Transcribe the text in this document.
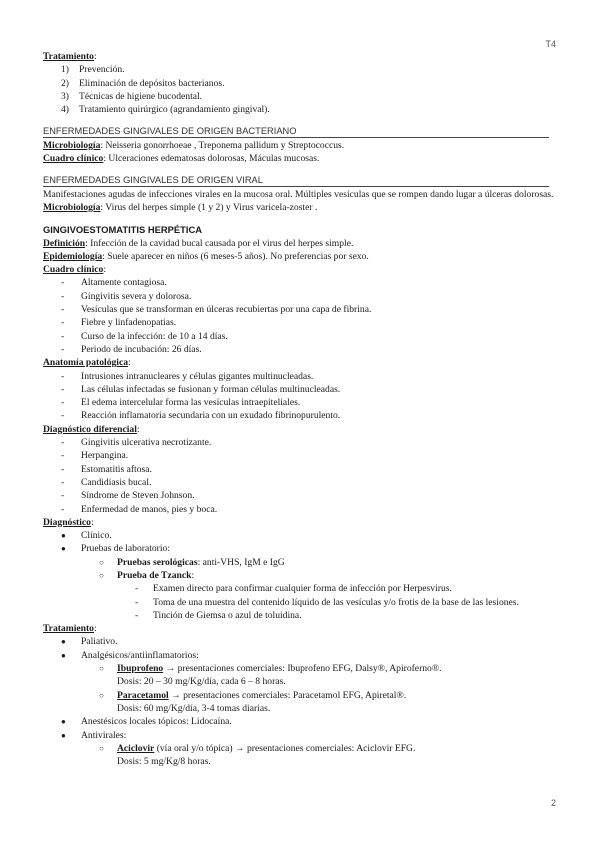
T4
Tratamiento:
1) Prevención.
2) Eliminación de depósitos bacterianos.
3) Técnicas de higiene bucodental.
4) Tratamiento quirúrgico (agrandamiento gingival).
ENFERMEDADES GINGIVALES DE ORIGEN BACTERIANO
Microbiología: Neisseria gonorrhoeae , Treponema pallidum y Streptococcus.
Cuadro clínico: Ulceraciones edematosas dolorosas, Máculas mucosas.
ENFERMEDADES GINGIVALES DE ORIGEN VIRAL
Manifestaciones agudas de infecciones virales en la mucosa oral. Múltiples vesículas que se rompen dando lugar a úlceras dolorosas.
Microbiología: Virus del herpes simple (1 y 2) y Virus varicela-zoster .
GINGIVOESTOMATITIS HERPÉTICA
Definición: Infección de la cavidad bucal causada por el virus del herpes simple.
Epidemiología: Suele aparecer en niños (6 meses-5 años). No preferencias por sexo.
Cuadro clínico:
- Altamente contagiosa.
- Gingivitis severa y dolorosa.
- Vesículas que se transforman en úlceras recubiertas por una capa de fibrina.
- Fiebre y linfadenopatías.
- Curso de la infección: de 10 a 14 días.
- Periodo de incubación: 26 días.
Anatomía patológica:
- Intrusiones intranucleares y células gigantes multinucleadas.
- Las células infectadas se fusionan y forman células multinucleadas.
- El edema intercelular forma las vesículas intraepiteliales.
- Reacción inflamatoria secundaria con un exudado fibrinopurulento.
Diagnóstico diferencial:
- Gingivitis ulcerativa necrotizante.
- Herpangina.
- Estomatitis aftosa.
- Candidiasis bucal.
- Síndrome de Steven Johnson.
- Enfermedad de manos, pies y boca.
Diagnóstico:
● Clínico.
● Pruebas de laboratorio:
○ Pruebas serológicas: anti-VHS, IgM e IgG
○ Prueba de Tzanck:
- Examen directo para confirmar cualquier forma de infección por Herpesvirus.
- Toma de una muestra del contenido líquido de las vesículas y/o frotis de la base de las lesiones.
- Tinción de Giemsa o azul de toluidina.
Tratamiento:
● Paliativo.
● Analgésicos/antiinflamatorios:
○ Ibuprofeno → presentaciones comerciales: Ibuprofeno EFG, Dalsy®, Apiroferno®.
Dosis: 20 – 30 mg/Kg/día, cada 6 – 8 horas.
○ Paracetamol → presentaciones comerciales: Paracetamol EFG, Apiretal®.
Dosis: 60 mg/Kg/día, 3-4 tomas diarias.
● Anestésicos locales tópicos: Lidocaína.
● Antivirales:
○ Aciclovir (vía oral y/o tópica) → presentaciones comerciales: Aciclovir EFG.
Dosis: 5 mg/Kg/8 horas.
2
